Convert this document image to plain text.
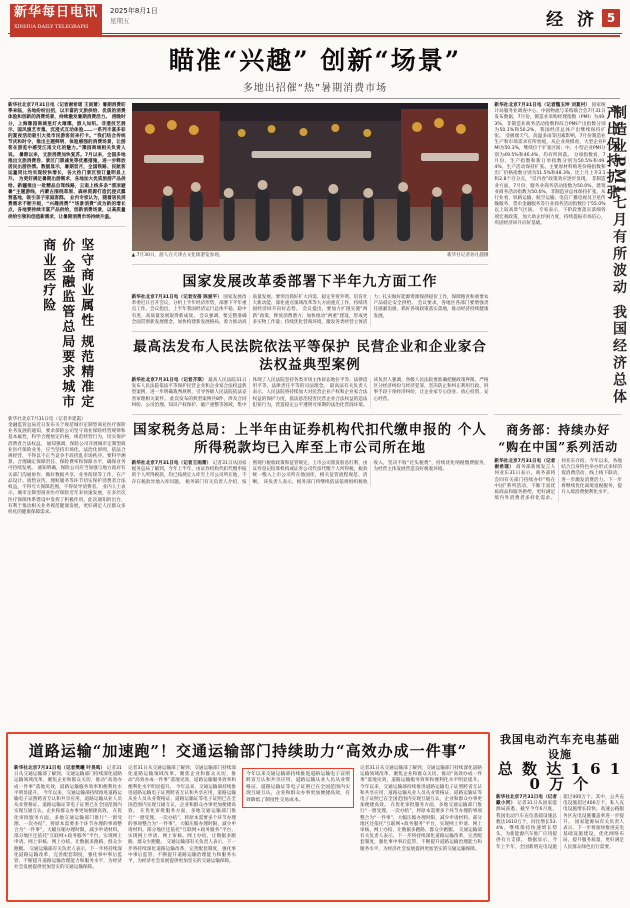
新华每日电讯
XINHUA DAILY TELEGRAPH
2025年8月1日
星期五	经 济 5
瞄准“兴趣” 创新“场景”
多地出招催“热”暑期消费市场
新华社北京7月31日电（记者谢希瑶 王雨萧）暑期消费旺季来临，各地纷纷出招，以丰富的文旅供给、优质的消费体验和创新的消费场景，持续激发暑期消费活力。 傍晚时分，上海豫园商城里灯火璀璨，游人如织。非遗技艺展示、国风演艺市集、沉浸式互动体验……一系列丰富多彩的夏夜活动吸引大批市民游客前来打卡。“我们结合传统节庆和时令，推出主题鲜明、体验感强的消费场景，让游客在游览中感受江南文化的魅力。”豫园商城相关负责人说。 暑期以来，文旅消费加快复苏。7月以来，全国多地推出文旅消费券、景区门票减免等优惠措施，进一步释放居民出游热情。数据显示，暑期首月，全国铁路、民航客运量同比均实现较快增长，各大热门景区预订量明显上升。 为更好满足暑期出游需求，各地加大优质旅游产品供给。新疆推出一批精品自驾线路，云南上线多条“清凉避暑”主题游线，内蒙古围绕草原、森林资源打造沉浸式露营基地，吸引亲子家庭客群。 业内专家认为，随着居民消费需求不断升级，“兴趣消费”“场景消费”成为新的增长点，各地要持续丰富产品供给，创新消费场景，以高质量供给引领和创造新需求，让暑期消费市场持续升温。
坚守商业属性 规范精准定价 金融监管总局要求城市商业医疗险
新华社北京7月31日电（记者李延霞）
金融监管总局近日发布关于规范城市定制型商业医疗保险业务发展的通知，要求保险公司坚守商业保险经营规律和基本属性，科学合理厘定价格，规范经营行为，切实保护消费者合法权益。 通知强调，保险公司开展城市定制型商业医疗保险业务，应当坚持市场化、法治化原则，依法合规经营，不得以不正当竞争手段扰乱市场秩序。要科学测算，合理确定保障责任、保险费率和保障水平，确保业务可持续发展。 通知明确，保险公司应当加强与地方政府有关部门沟通协作，做好数据共享、业务衔接等工作，在产品设计、销售宣传、理赔服务等环节切实保护消费者合法权益，不得夸大保障范围，不得误导消费者。 业内人士表示，城市定制型商业医疗保险近年来快速发展，在多层次医疗保障体系建设中发挥了积极作用。此次通知的出台，有利于推动相关业务规范健康发展，更好满足人民群众多样化的健康保障需求。
▲ 7月30日，游人在天津古文化街游览参观。	新华社记者孙凡越摄
国家发展改革委部署下半年九方面工作
新华社北京7月31日电（记者安蓓 陈爱平） 国家发展改革委近日召开会议，分析上半年经济形势，部署下半年重点工作。会议指出，上半年我国经济运行总体平稳、稳中有进，高质量发展取得新成效。 会议强调，要完整准确全面贯彻新发展理念，加快构建新发展格局，着力推动高质量发展。要突出抓好扩大内需、稳定外贸外资、培育壮大新动能、深化重点领域改革等九方面重点工作，持续巩固经济回升向好态势。 会议提出，要加力扩围实施“两新”政策，释放消费潜力；加快推动“两重”建设，形成更多实物工作量；持续优化营商环境，激发各类经营主体活力；扎实做好能源资源保供稳价工作，保障粮食和重要农产品稳定安全供给。 会议要求，各地区各部门要增强责任感紧迫感，抓好各项政策落实落地，推动经济持续健康发展。
最高法发布人民法院依法平等保护 民营企业和企业家合法权益典型案例
新华社北京7月31日电（记者齐琪） 最高人民法院31日发布人民法院依法平等保护民营企业和企业家合法权益典型案例，进一步明确裁判规则，引导各级人民法院依法妥善审理相关案件。 此次发布的典型案例共8件，涉及合同纠纷、公司治理、知识产权保护、破产重整等领域，集中体现了人民法院坚持各类市场主体诉讼地位平等、法律适用平等、法律责任平等的司法理念。 最高法有关负责人表示，人民法院将持续加大对民营企业产权和企业家合法权益的保护力度，依法惩治侵害民营企业合法权益的违法犯罪行为，营造稳定公平透明可预期的法治化营商环境。 该负责人强调，各级人民法院要准确把握政策界限，严格区分经济纠纷与经济犯罪，坚决防止和纠正利用行政、刑事手段干预经济纠纷，让企业家专心创业、放心投资、安心经营。
国家税务总局：上半年由证券机构代扣代缴申报的 个人所得税款均已入库至上市公司所在地
新华社北京7月31日电（记者王雨萧） 记者31日从国家税务总局了解到，今年上半年，由证券机构代扣代缴申报的个人所得税款，均已按规定入库至上市公司所在地，不存在税款异地入库问题。 税务部门有关负责人介绍，按照现行税收政策和征管规定，上市公司派发股息红利，由证券登记结算机构或证券公司代扣代缴个人所得税，税款统一缴入上市公司所在地国库，相关征管流程规范、清晰。 该负责人表示，税务部门将继续依法依规组织税收收入，坚决不收“过头税费”，持续优化纳税缴费服务，为经营主体发展营造良好税收环境。
新华社北京7月31日电（记者魏玉坤 刘夏村） 国家统计局服务业调查中心、中国物流与采购联合会7月31日发布数据，7月份，制造业采购经理指数（PMI）为49.3%，非制造业商务活动指数和综合PMI产出指数分别为50.1%和50.2%，我国经济总体产出继续保持扩张。 受极端天气、高温多雨等因素影响，7月份制造业生产和市场需求有所放缓。从企业规模看，大型企业PMI为50.3%，继续位于扩张区间；中、小型企业PMI分别为49.5%和46.4%，均有所回落。 分项指数看，7月份，生产指数和新订单指数分别为50.5%和49.4%，生产活动保持扩张。主要原材料购进价格指数和出厂价格指数分别为51.5%和48.3%，比上月上升3.1和2.8个百分点，“反内卷”政策效应逐步显现。 非制造业方面，7月份，服务业商务活动指数为50.0%，建筑业商务活动指数为50.6%，非制造业总体保持扩张。从行业看，铁路运输、航空运输、电信广播电视及卫星传输服务、货币金融服务等行业商务活动指数位于55.0%以上较高景气区间。 专家表示，下阶段要落实落细各项宏观政策，加大助企纾困力度，持续提振市场信心，巩固经济回升向好基础。	制造业PMI七月有所波动 我国经济总体产出保持扩张
商务部：持续办好 “购在中国”系列活动
新华社北京7月31日电（记者谢希瑶） 商务部新闻发言人何亚东31日表示，商务部将会同有关部门持续办好“购在中国”系列活动，不断丰富优质商品和服务供给，更好满足境内外消费者多样化需求。 何亚东介绍，今年以来，各地结合自身特色举办形式多样的促消费活动，线上线下联动，进一步激发消费活力。下一步将继续优化离境退税服务，提升入境消费便利化水平。
道路运输“加速跑”！交通运输部门持续助力“高效办成一件事”
新华社北京7月31日电（记者樊曦 叶昊鸣） 记者31日从交通运输部了解到，交通运输部门持续深化道路运输领域改革，聚焦企业和群众关切，推动“高效办成一件事”落地见效，道路运输服务效率和便利化水平明显提升。 今年以来，交通运输部持续推进道路运输电子证照跨省互认和共享应用，道路运输从业人员从业资格证、道路运输证等电子证照已在全国范围内实现互通互认，企业和群众办事更加便捷高效。 在优化审批服务方面，多地交通运输部门推行“一窗受理、一次办结”，将原本需要多个环节办理的事项整合为“一件事”，大幅压缩办理时限，减少申请材料。部分地区还依托“互联网+政务服务”平台，实现网上申请、网上审核、网上办结，让数据多跑路、群众少跑腿。 交通运输部有关负责人表示，下一步将持续深化道路运输改革，完善配套制度，强化事中事后监管，不断提升道路运输治理能力和服务水平，为经济社会发展提供更加坚实的交通运输保障。
记者31日从交通运输部了解到，交通运输部门持续深化道路运输领域改革，聚焦企业和群众关切，推动“高效办成一件事”落地见效，道路运输服务效率和便利化水平明显提升。 今年以来，交通运输部持续推进道路运输电子证照跨省互认和共享应用，道路运输从业人员从业资格证、道路运输证等电子证照已在全国范围内实现互通互认，企业和群众办事更加便捷高效。 在优化审批服务方面，多地交通运输部门推行“一窗受理、一次办结”，将原本需要多个环节办理的事项整合为“一件事”，大幅压缩办理时限，减少申请材料。部分地区还依托“互联网+政务服务”平台，实现网上申请、网上审核、网上办结，让数据多跑路、群众少跑腿。 交通运输部有关负责人表示，下一步将持续深化道路运输改革，完善配套制度，强化事中事后监管，不断提升道路运输治理能力和服务水平，为经济社会发展提供更加坚实的交通运输保障。
今年以来交通运输部持续推进道路运输电子证照跨省互认和共享应用，道路运输从业人员从业资格证、道路运输证等电子证照已在全国范围内实现互通互认，企业和群众办事更加便捷高效，有效降低了制度性交易成本。
记者31日从交通运输部了解到，交通运输部门持续深化道路运输领域改革，聚焦企业和群众关切，推动“高效办成一件事”落地见效，道路运输服务效率和便利化水平明显提升。 今年以来，交通运输部持续推进道路运输电子证照跨省互认和共享应用，道路运输从业人员从业资格证、道路运输证等电子证照已在全国范围内实现互通互认，企业和群众办事更加便捷高效。 在优化审批服务方面，多地交通运输部门推行“一窗受理、一次办结”，将原本需要多个环节办理的事项整合为“一件事”，大幅压缩办理时限，减少申请材料。部分地区还依托“互联网+政务服务”平台，实现网上申请、网上审核、网上办结，让数据多跑路、群众少跑腿。 交通运输部有关负责人表示，下一步将持续深化道路运输改革，完善配套制度，强化事中事后监管，不断提升道路运输治理能力和服务水平，为经济社会发展提供更加坚实的交通运输保障。
我国电动汽车充电基础设施
总 数 达 1 6 1 0 万 个
新华社北京7月31日电（记者戴小河） 记者31日从国家能源局获悉，截至今年6月底，我国电动汽车充电基础设施总数达1610万个，同比增长53.4%，继续保持快速增长势头，为新能源汽车推广应用提供有力支撑。 数据显示，今年上半年，全国新增充电设施超过400万个。其中，公共充电设施超过400万个，私人充电设施增长较快。高速公路服务区充电设施覆盖率进一步提升。 国家能源局有关负责人表示，下一步将加快推进充电基础设施建设，优化网络布局，提升服务质量，更好满足人民群众绿色出行需要。
